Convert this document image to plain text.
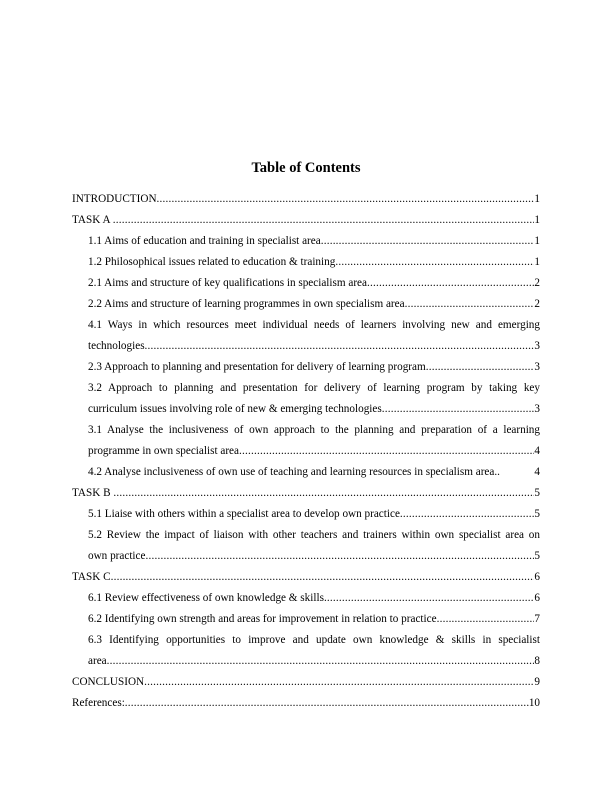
Table of Contents
INTRODUCTION .....	1
TASK A .....	1
1.1 Aims of education and training in specialist area .....	1
1.2 Philosophical issues related to education & training .....	1
2.1 Aims and structure of key qualifications in specialism area .....	2
2.2 Aims and structure of learning programmes in own specialism area .....	2
4.1 Ways in which resources meet individual needs of learners involving new and emerging
technologies .....	3
2.3 Approach to planning and presentation for delivery of learning program .....	3
3.2 Approach to planning and presentation for delivery of learning program by taking key
curriculum issues involving role of new & emerging technologies .....	3
3.1 Analyse the inclusiveness of own approach to the planning and preparation of a learning
programme in own specialist area .....	4
4.2 Analyse inclusiveness of own use of teaching and learning resources in specialism area..	4
TASK B .....	5
5.1 Liaise with others within a specialist area to develop own practice .....	5
5.2 Review the impact of liaison with other teachers and trainers within own specialist area on
own practice .....	5
TASK C .....	6
6.1 Review effectiveness of own knowledge & skills .....	6
6.2 Identifying own strength and areas for improvement in relation to practice .....	7
6.3 Identifying opportunities to improve and update own knowledge & skills in specialist
area .....	8
CONCLUSION .....	9
References: .....	10
